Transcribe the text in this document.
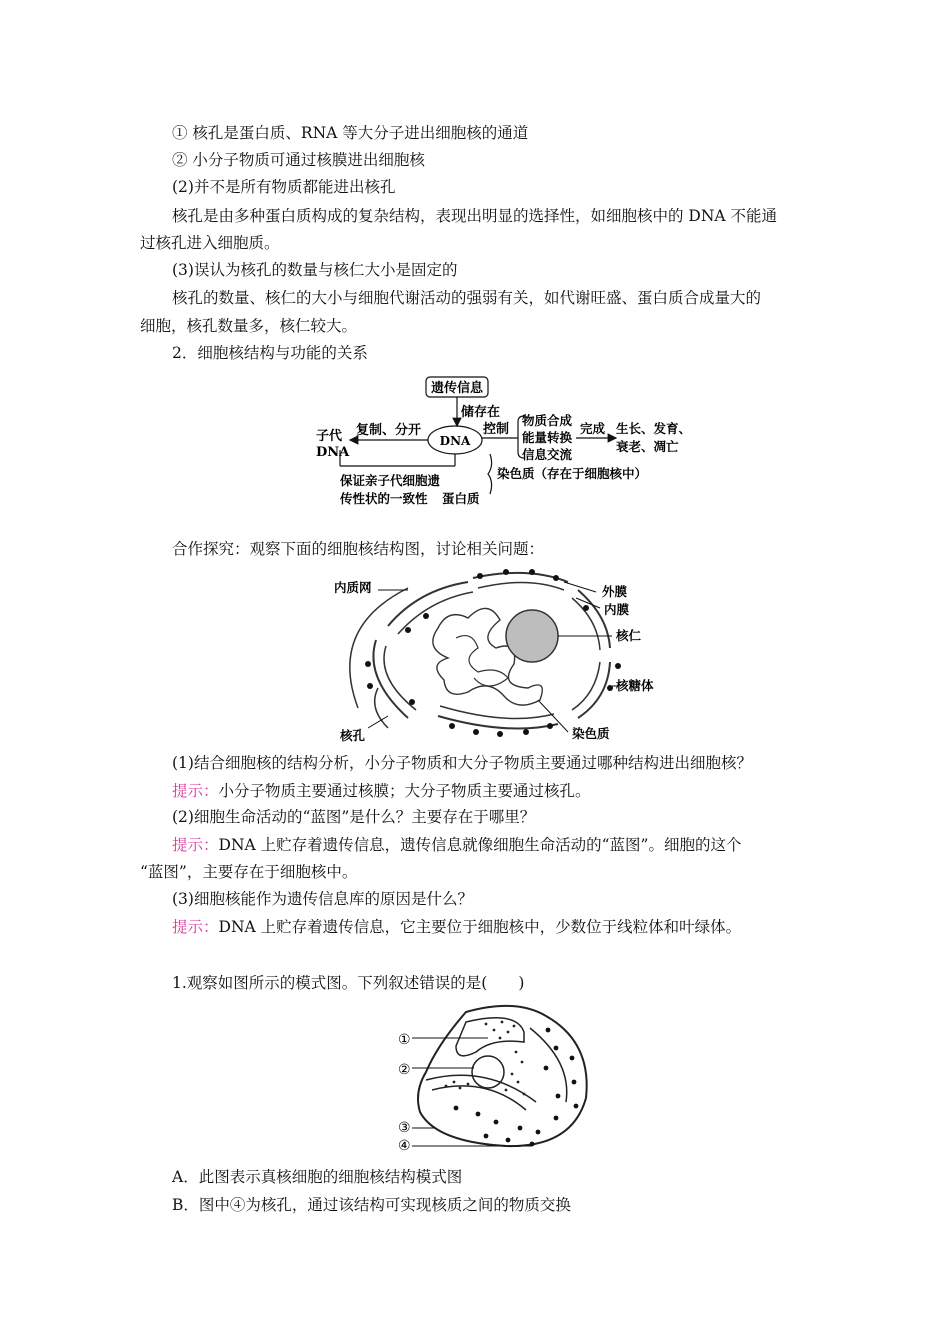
① 核孔是蛋白质、RNA 等大分子进出细胞核的通道
② 小分子物质可通过核膜进出细胞核
(2)并不是所有物质都能进出核孔
核孔是由多种蛋白质构成的复杂结构，表现出明显的选择性，如细胞核中的 DNA 不能通
过核孔进入细胞质。
(3)误认为核孔的数量与核仁大小是固定的
核孔的数量、核仁的大小与细胞代谢活动的强弱有关，如代谢旺盛、蛋白质合成量大的
细胞，核孔数量多，核仁较大。
2．细胞核结构与功能的关系
遗传信息
储存在
DNA
复制、分开
子代
DNA
控制
物质合成
能量转换
信息交流
完成 生长、发育、
衰老、凋亡
染色质（存在于细胞核中）
保证亲子代细胞遗
传性状的一致性 蛋白质
合作探究：观察下面的细胞核结构图，讨论相关问题：
内质网	外膜
内膜
核仁
核糖体
核孔	染色质
(1)结合细胞核的结构分析，小分子物质和大分子物质主要通过哪种结构进出细胞核？
提示：小分子物质主要通过核膜；大分子物质主要通过核孔。
(2)细胞生命活动的“蓝图”是什么？主要存在于哪里？
提示：DNA 上贮存着遗传信息，遗传信息就像细胞生命活动的“蓝图”。细胞的这个
“蓝图”，主要存在于细胞核中。
(3)细胞核能作为遗传信息库的原因是什么？
提示：DNA 上贮存着遗传信息，它主要位于细胞核中，少数位于线粒体和叶绿体。
1.观察如图所示的模式图。下列叙述错误的是(　　)
①
②
③
④
A．此图表示真核细胞的细胞核结构模式图
B．图中④为核孔，通过该结构可实现核质之间的物质交换
